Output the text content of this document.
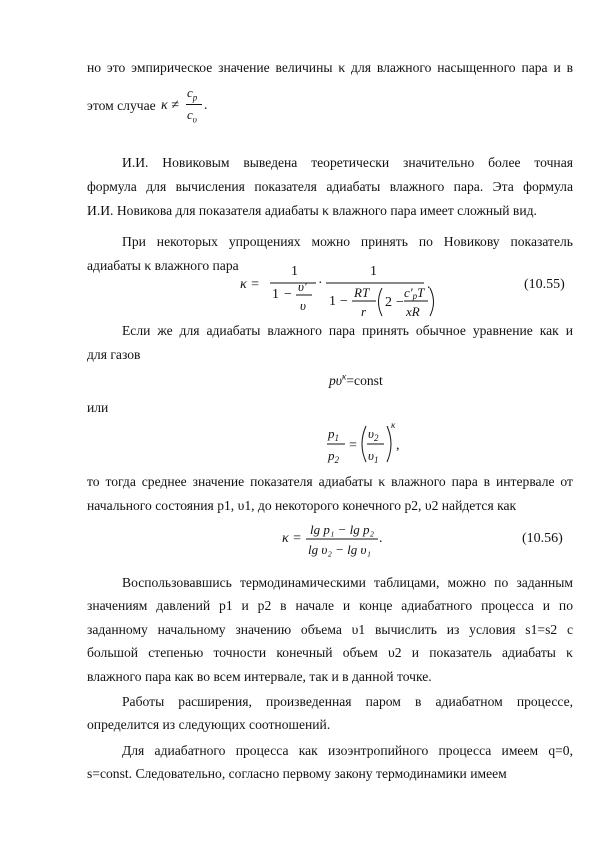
но это эмпирическое значение величины κ для влажного насыщенного пара и в
этом случае κ ≠
$c_p$
$c_\upsilon$
.
И.И. Новиковым выведена теоретически значительно более точная
формула для вычисления показателя адиабаты влажного пара. Эта формула
И.И. Новикова для показателя адиабаты κ влажного пара имеет сложный вид.
При некоторых упрощениях можно принять по Новикову показатель
адиабаты κ влажного пара
κ =
1
1 −
υ′
υ
·
1
1 −
RT
r
2 −
c′pT
xR
.	(10.55)
Если же для адиабаты влажного пара принять обычное уравнение как и
для газов
$p\upsilon^\kappa=const$
или
$p_1$
$p_2$
=
$\upsilon_2$
$\upsilon_1$
κ
,
то тогда среднее значение показателя адиабаты κ влажного пара в интервале от
начального состояния p1, υ1, до некоторого конечного p2, υ2 найдется как
κ =
lg p₁ − lg p₂
lg υ₂ − lg υ₁
.	(10.56)
Воспользовавшись термодинамическими таблицами, можно по заданным
значениям давлений p1 и p2 в начале и конце адиабатного процесса и по
заданному начальному значению объема υ1 вычислить из условия s1=s2 с
большой степенью точности конечный объем υ2 и показатель адиабаты κ
влажного пара как во всем интервале, так и в данной точке.
Работы расширения, произведенная паром в адиабатном процессе,
определится из следующих соотношений.
Для адиабатного процесса как изоэнтропийного процесса имеем q=0,
s=const. Следовательно, согласно первому закону термодинамики имеем
